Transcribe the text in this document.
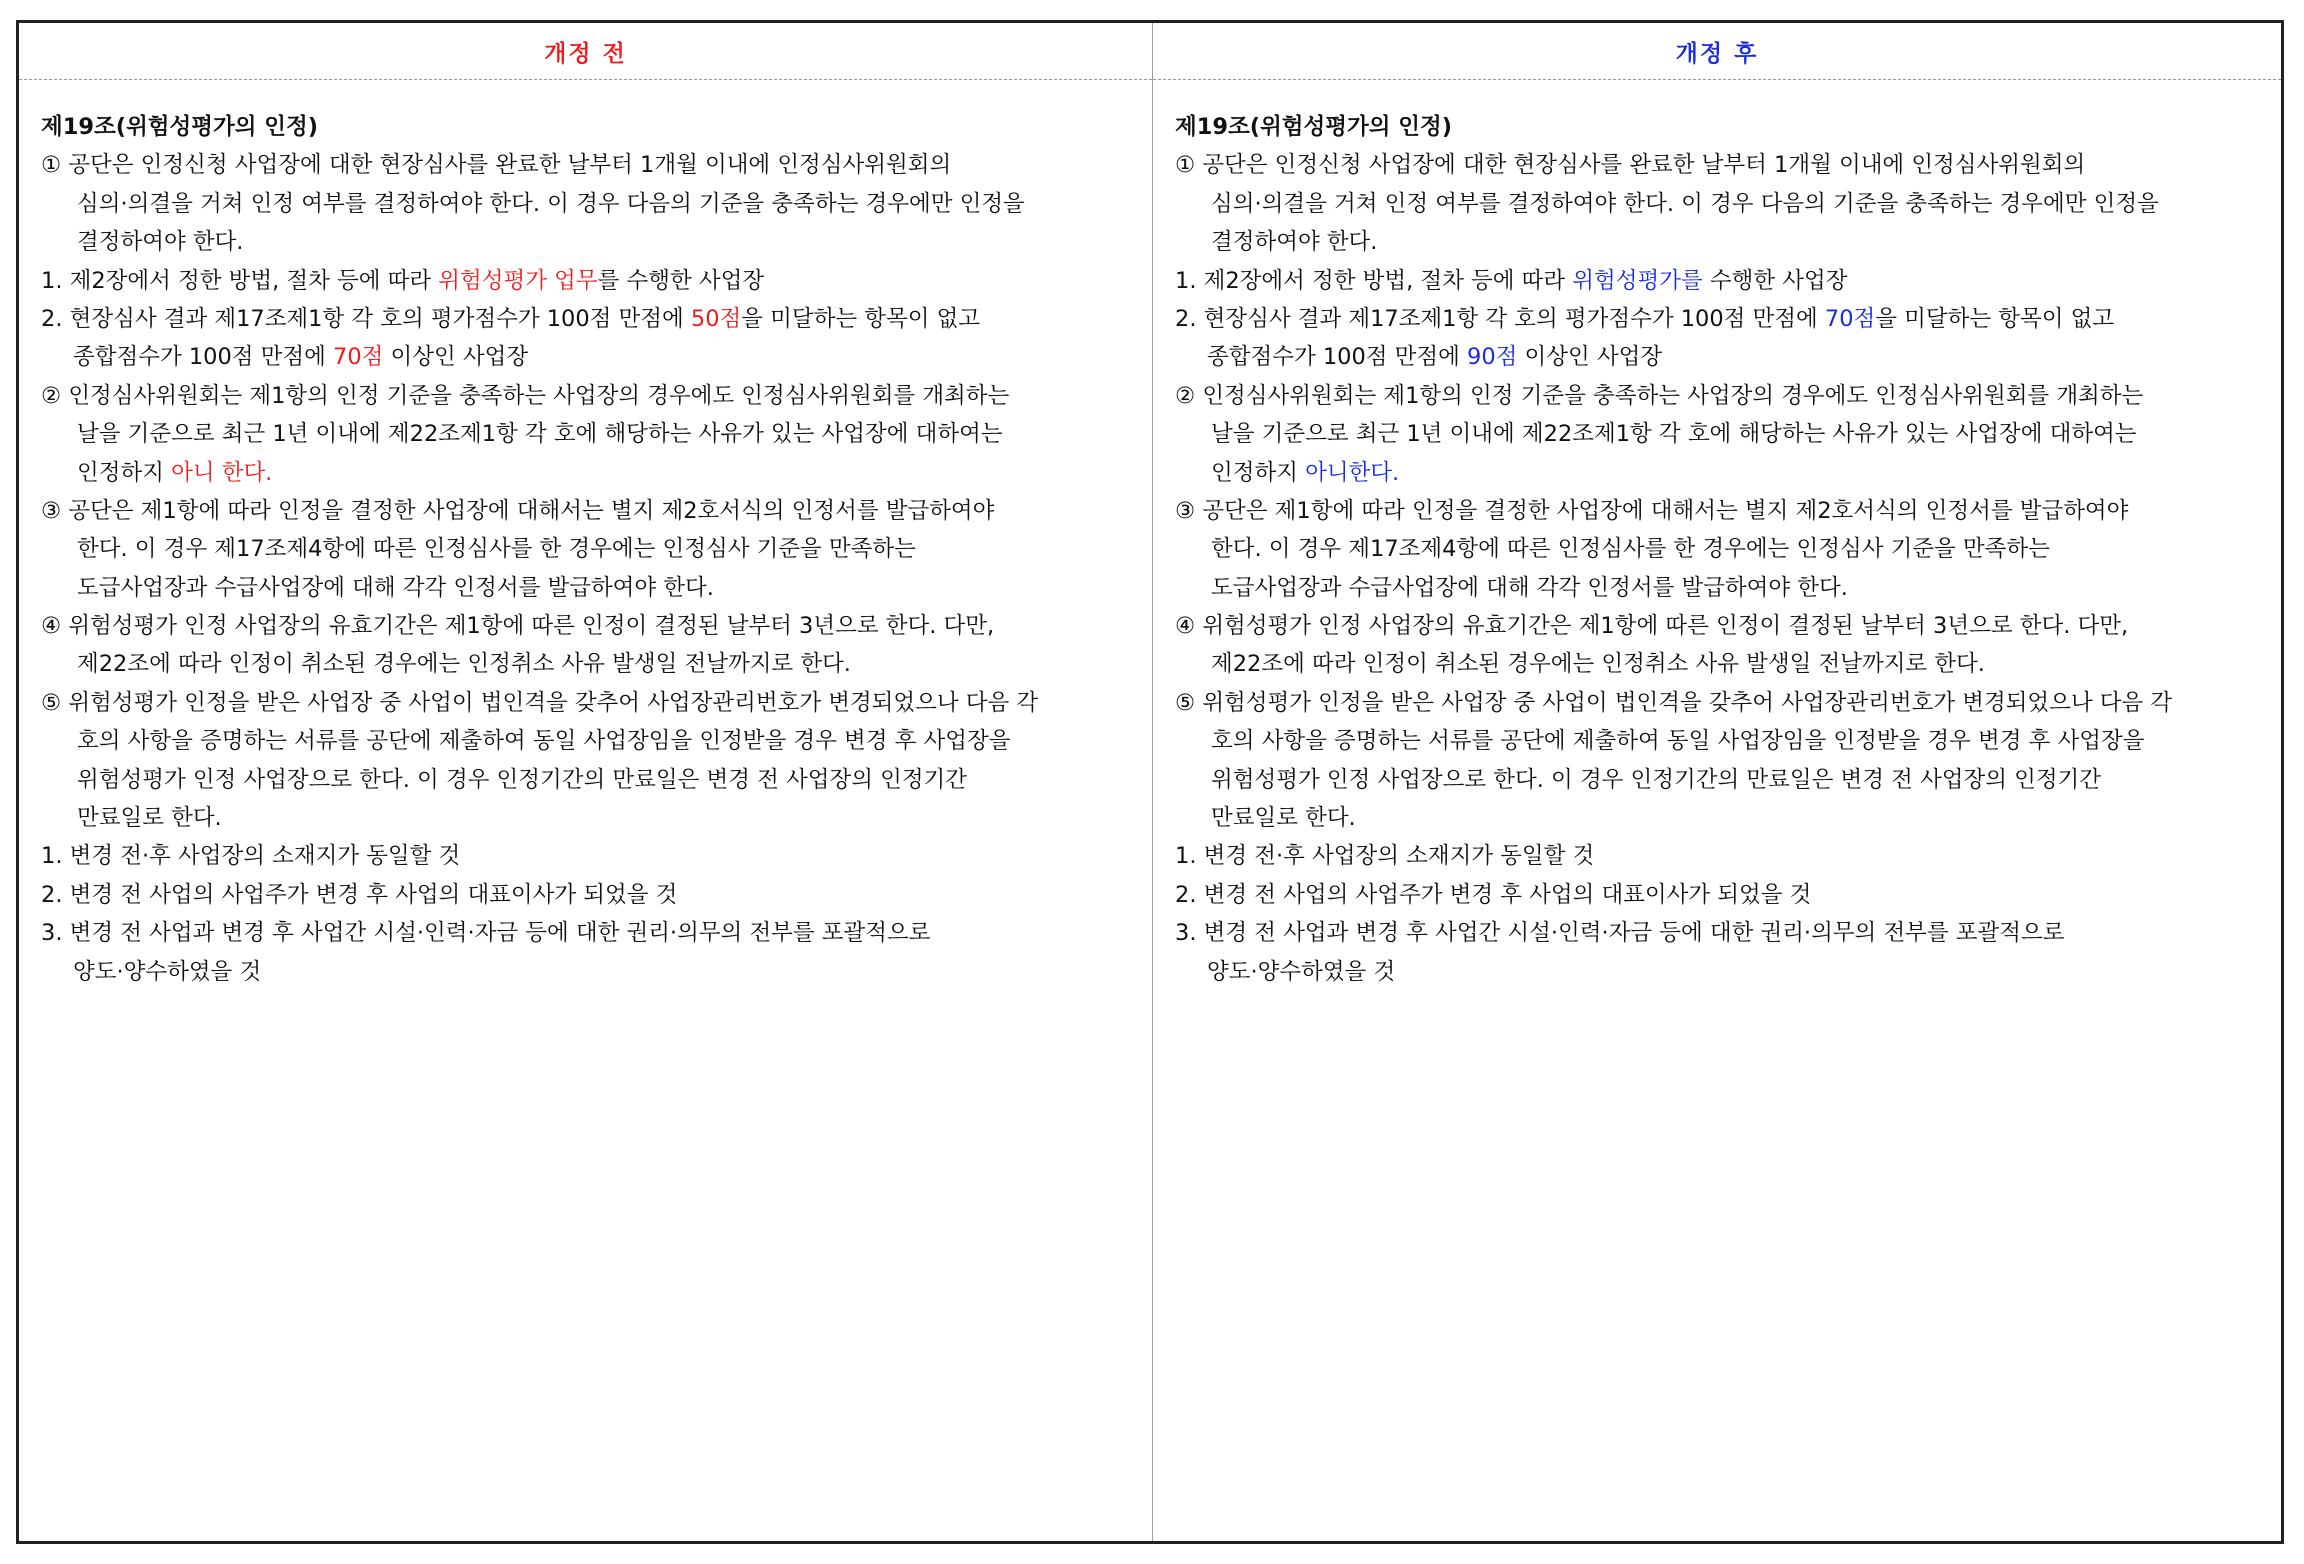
개정 전
제19조(위험성평가의 인정)
① 공단은 인정신청 사업장에 대한 현장심사를 완료한 날부터 1개월 이내에 인정심사위원회의
심의·의결을 거쳐 인정 여부를 결정하여야 한다. 이 경우 다음의 기준을 충족하는 경우에만 인정을
결정하여야 한다.
1. 제2장에서 정한 방법, 절차 등에 따라 위험성평가 업무를 수행한 사업장
2. 현장심사 결과 제17조제1항 각 호의 평가점수가 100점 만점에 50점을 미달하는 항목이 없고
종합점수가 100점 만점에 70점 이상인 사업장
② 인정심사위원회는 제1항의 인정 기준을 충족하는 사업장의 경우에도 인정심사위원회를 개최하는
날을 기준으로 최근 1년 이내에 제22조제1항 각 호에 해당하는 사유가 있는 사업장에 대하여는
인정하지 아니 한다.
③ 공단은 제1항에 따라 인정을 결정한 사업장에 대해서는 별지 제2호서식의 인정서를 발급하여야
한다. 이 경우 제17조제4항에 따른 인정심사를 한 경우에는 인정심사 기준을 만족하는
도급사업장과 수급사업장에 대해 각각 인정서를 발급하여야 한다.
④ 위험성평가 인정 사업장의 유효기간은 제1항에 따른 인정이 결정된 날부터 3년으로 한다. 다만,
제22조에 따라 인정이 취소된 경우에는 인정취소 사유 발생일 전날까지로 한다.
⑤ 위험성평가 인정을 받은 사업장 중 사업이 법인격을 갖추어 사업장관리번호가 변경되었으나 다음 각
호의 사항을 증명하는 서류를 공단에 제출하여 동일 사업장임을 인정받을 경우 변경 후 사업장을
위험성평가 인정 사업장으로 한다. 이 경우 인정기간의 만료일은 변경 전 사업장의 인정기간
만료일로 한다.
1. 변경 전·후 사업장의 소재지가 동일할 것
2. 변경 전 사업의 사업주가 변경 후 사업의 대표이사가 되었을 것
3. 변경 전 사업과 변경 후 사업간 시설·인력·자금 등에 대한 권리·의무의 전부를 포괄적으로
양도·양수하였을 것
개정 후
제19조(위험성평가의 인정)
① 공단은 인정신청 사업장에 대한 현장심사를 완료한 날부터 1개월 이내에 인정심사위원회의
심의·의결을 거쳐 인정 여부를 결정하여야 한다. 이 경우 다음의 기준을 충족하는 경우에만 인정을
결정하여야 한다.
1. 제2장에서 정한 방법, 절차 등에 따라 위험성평가를 수행한 사업장
2. 현장심사 결과 제17조제1항 각 호의 평가점수가 100점 만점에 70점을 미달하는 항목이 없고
종합점수가 100점 만점에 90점 이상인 사업장
② 인정심사위원회는 제1항의 인정 기준을 충족하는 사업장의 경우에도 인정심사위원회를 개최하는
날을 기준으로 최근 1년 이내에 제22조제1항 각 호에 해당하는 사유가 있는 사업장에 대하여는
인정하지 아니한다.
③ 공단은 제1항에 따라 인정을 결정한 사업장에 대해서는 별지 제2호서식의 인정서를 발급하여야
한다. 이 경우 제17조제4항에 따른 인정심사를 한 경우에는 인정심사 기준을 만족하는
도급사업장과 수급사업장에 대해 각각 인정서를 발급하여야 한다.
④ 위험성평가 인정 사업장의 유효기간은 제1항에 따른 인정이 결정된 날부터 3년으로 한다. 다만,
제22조에 따라 인정이 취소된 경우에는 인정취소 사유 발생일 전날까지로 한다.
⑤ 위험성평가 인정을 받은 사업장 중 사업이 법인격을 갖추어 사업장관리번호가 변경되었으나 다음 각
호의 사항을 증명하는 서류를 공단에 제출하여 동일 사업장임을 인정받을 경우 변경 후 사업장을
위험성평가 인정 사업장으로 한다. 이 경우 인정기간의 만료일은 변경 전 사업장의 인정기간
만료일로 한다.
1. 변경 전·후 사업장의 소재지가 동일할 것
2. 변경 전 사업의 사업주가 변경 후 사업의 대표이사가 되었을 것
3. 변경 전 사업과 변경 후 사업간 시설·인력·자금 등에 대한 권리·의무의 전부를 포괄적으로
양도·양수하였을 것
